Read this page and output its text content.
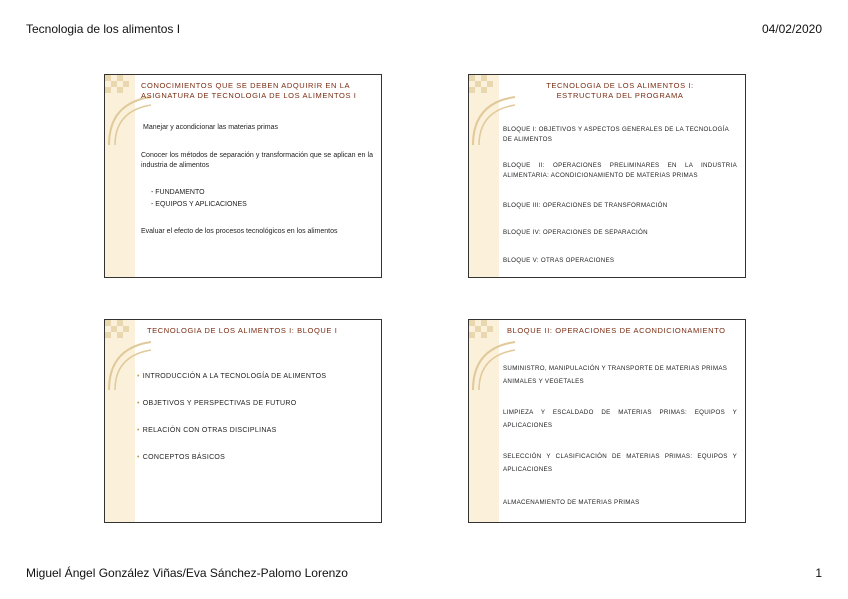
Tecnologia de los alimentos I	04/02/2020
CONOCIMIENTOS QUE SE DEBEN ADQUIRIR EN LA ASIGNATURA DE TECNOLOGIA DE LOS ALIMENTOS I
Manejar y acondicionar las materias primas
Conocer los métodos de separación y transformación que se aplican en la industria de alimentos
- FUNDAMENTO
- EQUIPOS Y APLICACIONES
Evaluar el efecto de los procesos tecnológicos en los alimentos
TECNOLOGIA DE LOS ALIMENTOS I: ESTRUCTURA DEL PROGRAMA
BLOQUE I: OBJETIVOS Y ASPECTOS GENERALES DE LA TECNOLOGÍA DE ALIMENTOS
BLOQUE II: OPERACIONES PRELIMINARES EN LA INDUSTRIA ALIMENTARIA: ACONDICIONAMIENTO DE MATERIAS PRIMAS
BLOQUE III: OPERACIONES DE TRANSFORMACIÓN
BLOQUE IV: OPERACIONES DE SEPARACIÓN
BLOQUE V: OTRAS OPERACIONES
TECNOLOGIA DE LOS ALIMENTOS I: BLOQUE I
• INTRODUCCIÓN A LA TECNOLOGÍA DE ALIMENTOS
• OBJETIVOS Y PERSPECTIVAS DE FUTURO
• RELACIÓN CON OTRAS DISCIPLINAS
• CONCEPTOS BÁSICOS
BLOQUE II: OPERACIONES DE ACONDICIONAMIENTO
SUMINISTRO, MANIPULACIÓN Y TRANSPORTE DE MATERIAS PRIMAS ANIMALES Y VEGETALES
LIMPIEZA Y ESCALDADO DE MATERIAS PRIMAS: EQUIPOS Y APLICACIONES
SELECCIÓN Y CLASIFICACIÓN DE MATERIAS PRIMAS: EQUIPOS Y APLICACIONES
ALMACENAMIENTO DE MATERIAS PRIMAS
Miguel Ángel González Viñas/Eva Sánchez-Palomo Lorenzo	1
